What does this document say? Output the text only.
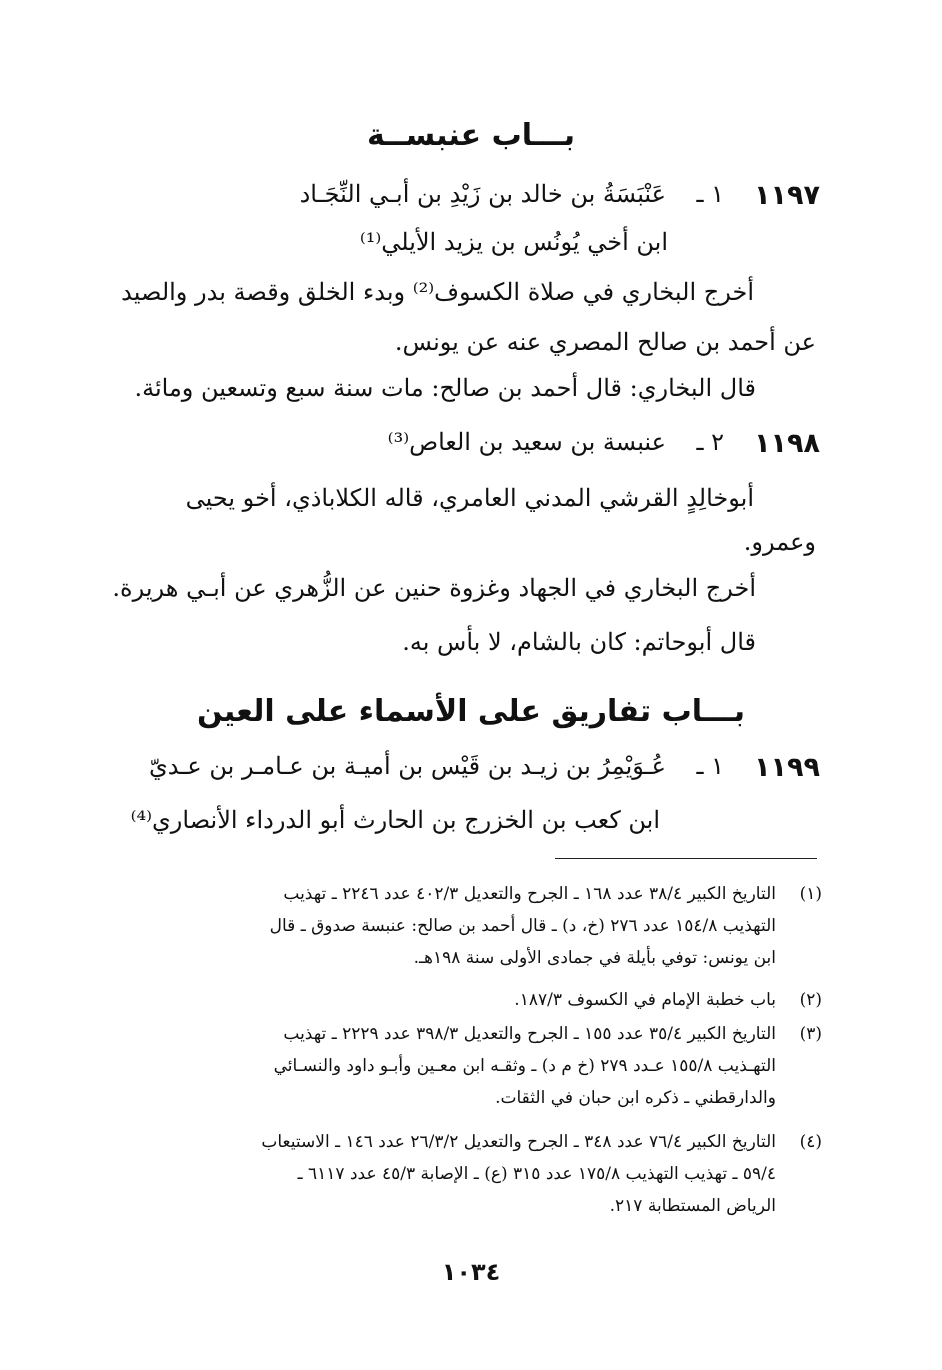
بـــاب عنبســة
١١٩٧
١ ـ
عَنْبَسَةُ بن خالد بن زَيْدِ بن أبـي النِّجَـاد
ابن أخي يُونُس بن يزيد الأيلي⁽¹⁾
أخرج البخاري في صلاة الكسوف⁽²⁾ وبدء الخلق وقصة بدر والصيد
عن أحمد بن صالح المصري عنه عن يونس.
قال البخاري: قال أحمد بن صالح: مات سنة سبع وتسعين ومائة.
١١٩٨
٢ ـ
عنبسة بن سعيد بن العاص⁽³⁾
أبوخالِدٍ القرشي المدني العامري، قاله الكلاباذي، أخو يحيى
وعمرو.
أخرج البخاري في الجهاد وغزوة حنين عن الزُّهري عن أبـي هريرة.
قال أبوحاتم: كان بالشام، لا بأس به.
بـــاب تفاريق على الأسماء على العين
١١٩٩
١ ـ
عُـوَيْمِرُ بن زيـد بن قَيْس بن أميـة بن عـامـر بن عـديّ
ابن كعب بن الخزرج بن الحارث أبو الدرداء الأنصاري⁽⁴⁾
(١)
التاريخ الكبير ٣٨/٤ عدد ١٦٨ ـ الجرح والتعديل ٤٠٢/٣ عدد ٢٢٤٦ ـ تهذيب
التهذيب ١٥٤/٨ عدد ٢٧٦ (خ، د) ـ قال أحمد بن صالح: عنبسة صدوق ـ قال
ابن يونس: توفي بأيلة في جمادى الأولى سنة ١٩٨هـ.
(٢)
باب خطبة الإمام في الكسوف ١٨٧/٣.
(٣)
التاريخ الكبير ٣٥/٤ عدد ١٥٥ ـ الجرح والتعديل ٣٩٨/٣ عدد ٢٢٢٩ ـ تهذيب
التهـذيب ١٥٥/٨ عـدد ٢٧٩ (خ م د) ـ وثقـه ابن معـين وأبـو داود والنسـائي
والدارقطني ـ ذكره ابن حبان في الثقات.
(٤)
التاريخ الكبير ٧٦/٤ عدد ٣٤٨ ـ الجرح والتعديل ٢٦/٣/٢ عدد ١٤٦ ـ الاستيعاب
٥٩/٤ ـ تهذيب التهذيب ١٧٥/٨ عدد ٣١٥ (ع) ـ الإصابة ٤٥/٣ عدد ٦١١٧ ـ
الرياض المستطابة ٢١٧.
١٠٣٤
